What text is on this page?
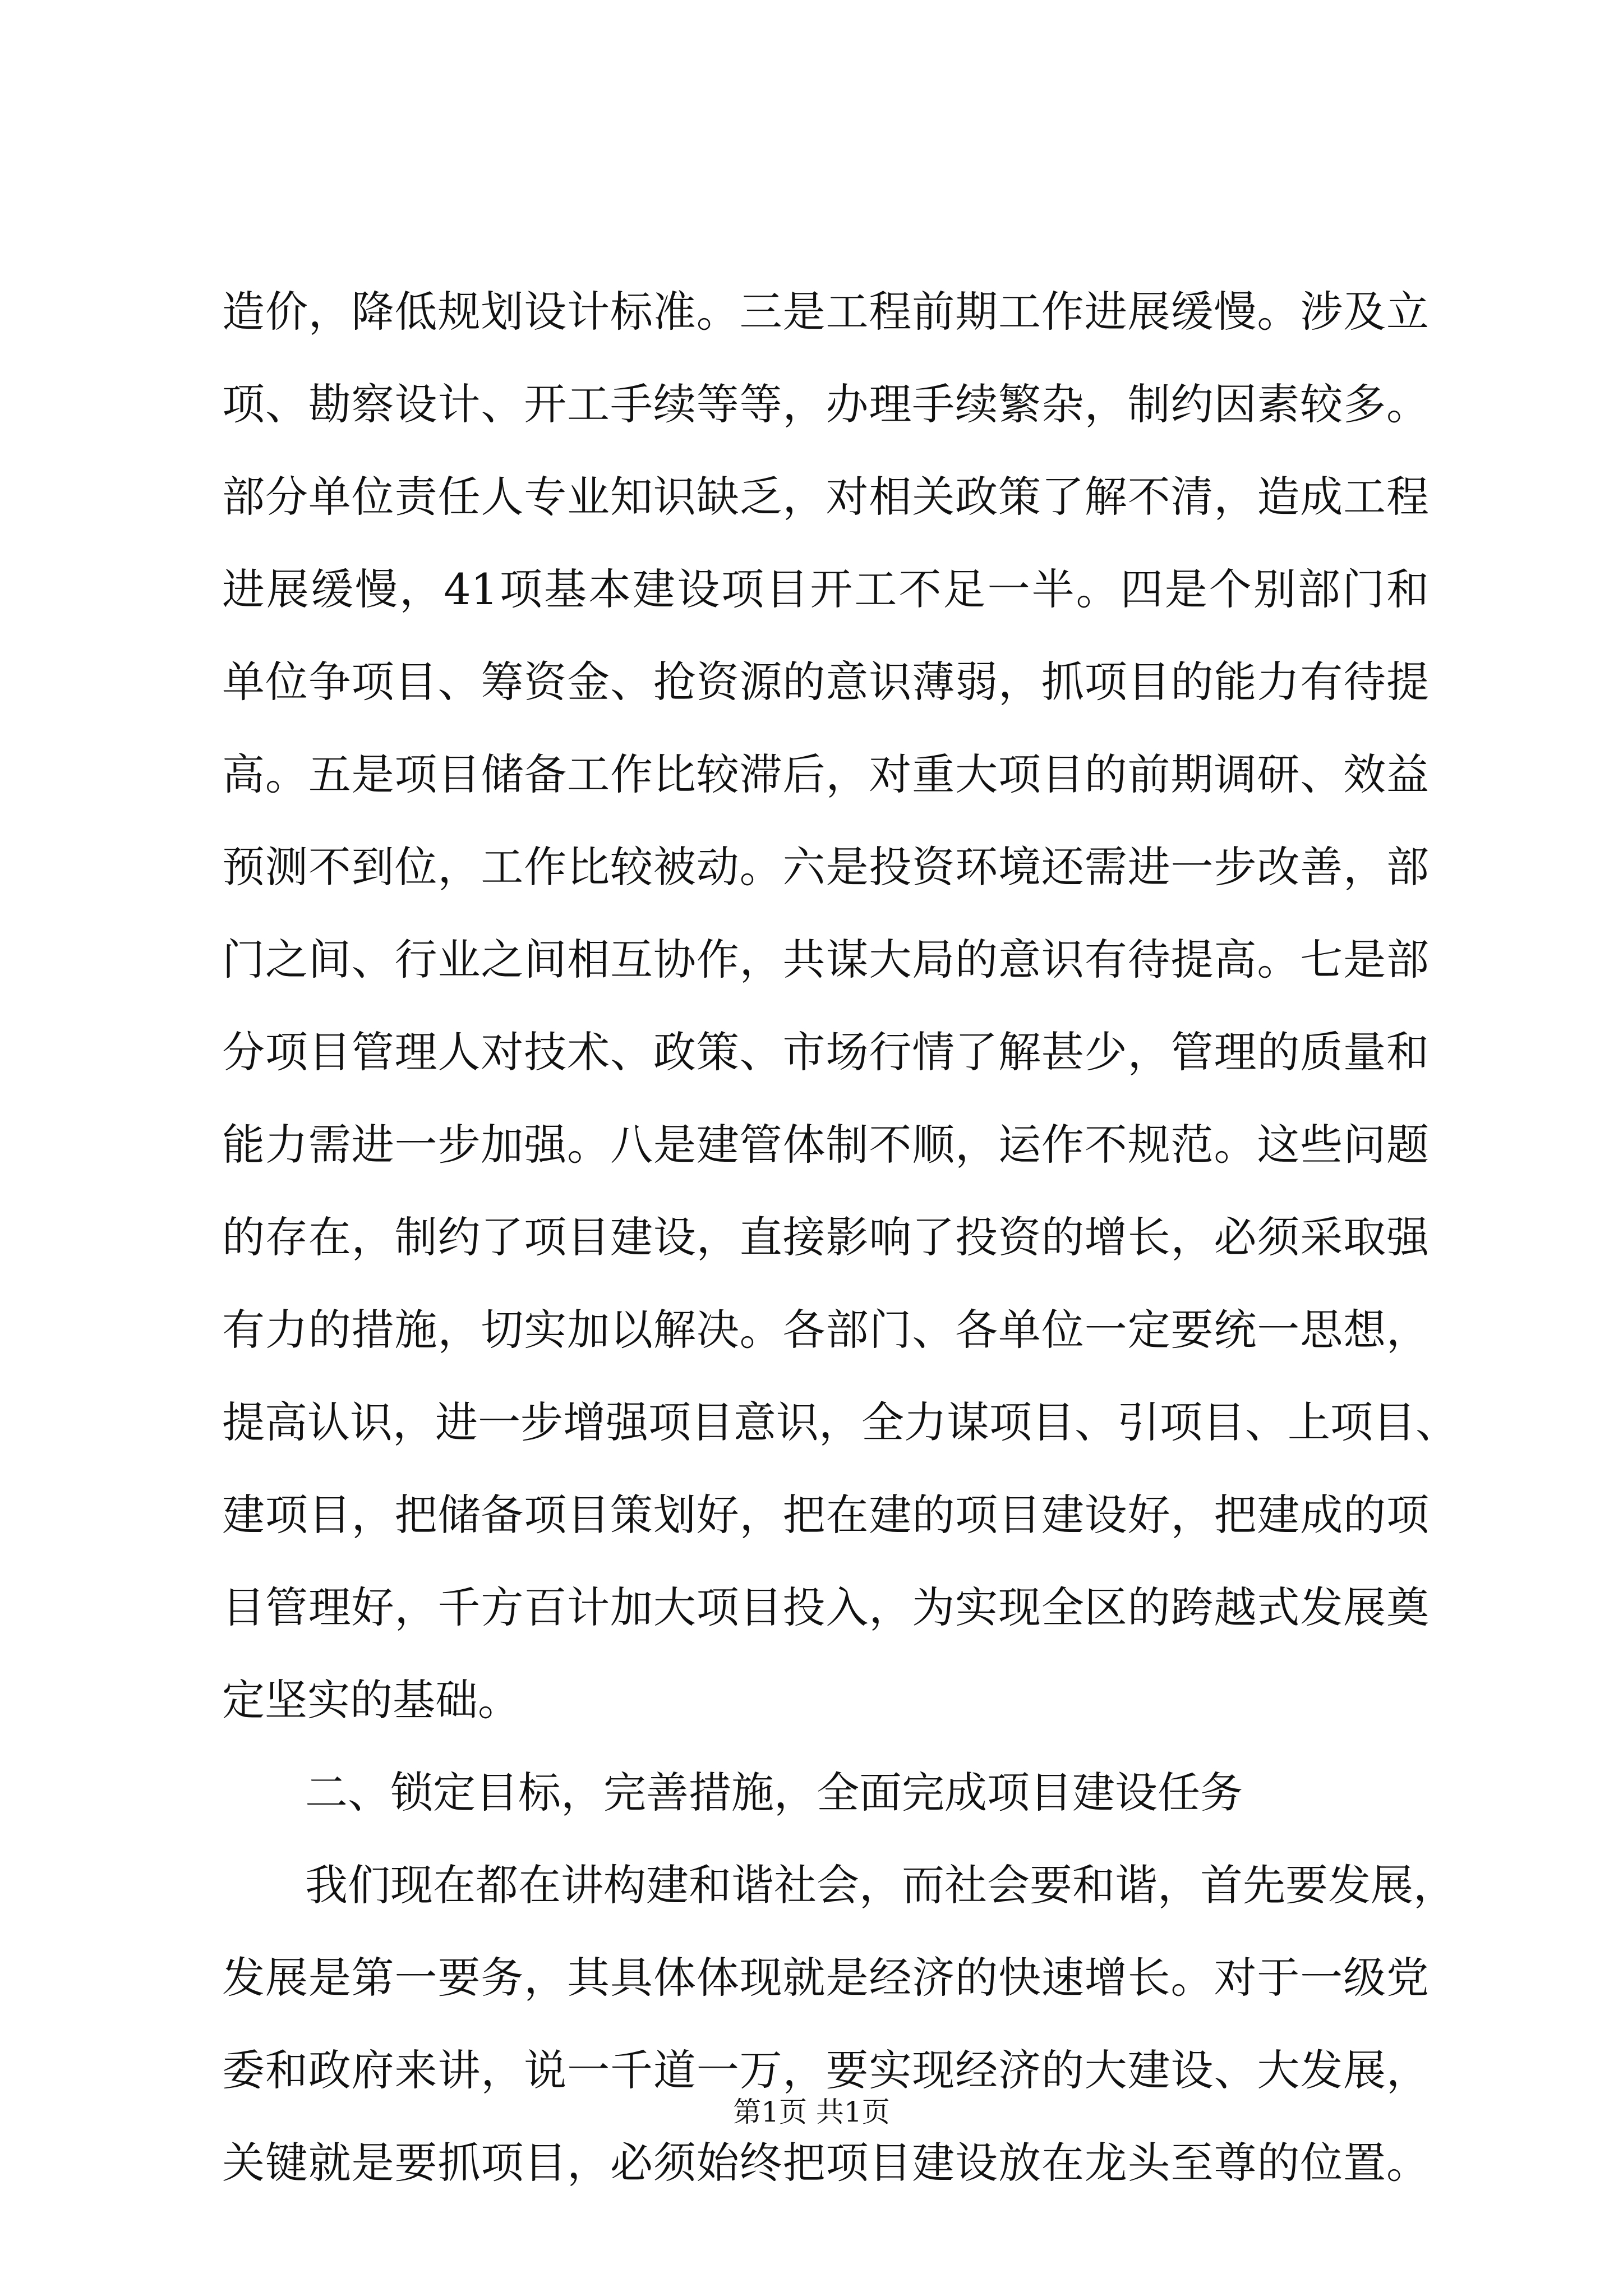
造价，降低规划设计标准。三是工程前期工作进展缓慢。涉及立
项、勘察设计、开工手续等等，办理手续繁杂，制约因素较多。
部分单位责任人专业知识缺乏，对相关政策了解不清，造成工程
进展缓慢，41项基本建设项目开工不足一半。四是个别部门和
单位争项目、筹资金、抢资源的意识薄弱，抓项目的能力有待提
高。五是项目储备工作比较滞后，对重大项目的前期调研、效益
预测不到位，工作比较被动。六是投资环境还需进一步改善，部
门之间、行业之间相互协作，共谋大局的意识有待提高。七是部
分项目管理人对技术、政策、市场行情了解甚少，管理的质量和
能力需进一步加强。八是建管体制不顺，运作不规范。这些问题
的存在，制约了项目建设，直接影响了投资的增长，必须采取强
有力的措施，切实加以解决。各部门、各单位一定要统一思想，
提高认识，进一步增强项目意识，全力谋项目、引项目、上项目、
建项目，把储备项目策划好，把在建的项目建设好，把建成的项
目管理好，千方百计加大项目投入，为实现全区的跨越式发展奠
定坚实的基础。
二、锁定目标，完善措施，全面完成项目建设任务
我们现在都在讲构建和谐社会，而社会要和谐，首先要发展，
发展是第一要务，其具体体现就是经济的快速增长。对于一级党
委和政府来讲，说一千道一万，要实现经济的大建设、大发展，
关键就是要抓项目，必须始终把项目建设放在龙头至尊的位置。
第1页 共1页
